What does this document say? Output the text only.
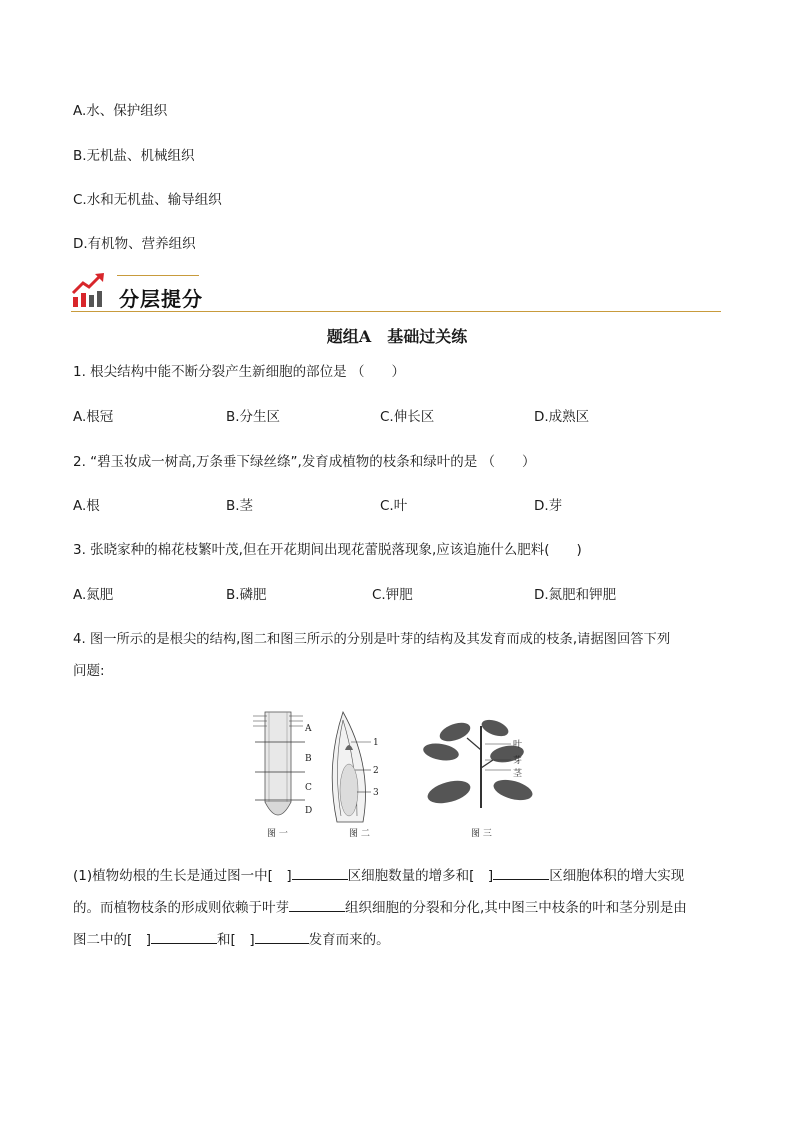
A.水、保护组织
B.无机盐、机械组织
C.水和无机盐、输导组织
D.有机物、营养组织
分层提分
题组A　基础过关练
1. 根尖结构中能不断分裂产生新细胞的部位是 （　　）
A.根冠	B.分生区	C.伸长区	D.成熟区
2. “碧玉妆成一树高,万条垂下绿丝绦”,发育成植物的枝条和绿叶的是 （　　）
A.根	B.茎	C.叶	D.芽
3. 张晓家种的棉花枝繁叶茂,但在开花期间出现花蕾脱落现象,应该追施什么肥料(　　)
A.氮肥	B.磷肥	C.钾肥	D.氮肥和钾肥
4. 图一所示的是根尖的结构,图二和图三所示的分别是叶芽的结构及其发育而成的枝条,请据图回答下列
问题:
A
B
C
D
1
2
3
叶
芽
茎
图 一	图 二	图 三
(1)植物幼根的生长是通过图一中[　]	区细胞数量的增多和[　]	区细胞体积的增大实现
的。而植物枝条的形成则依赖于叶芽	组织细胞的分裂和分化,其中图三中枝条的叶和茎分别是由
图二中的[　]	和[　]	发育而来的。
